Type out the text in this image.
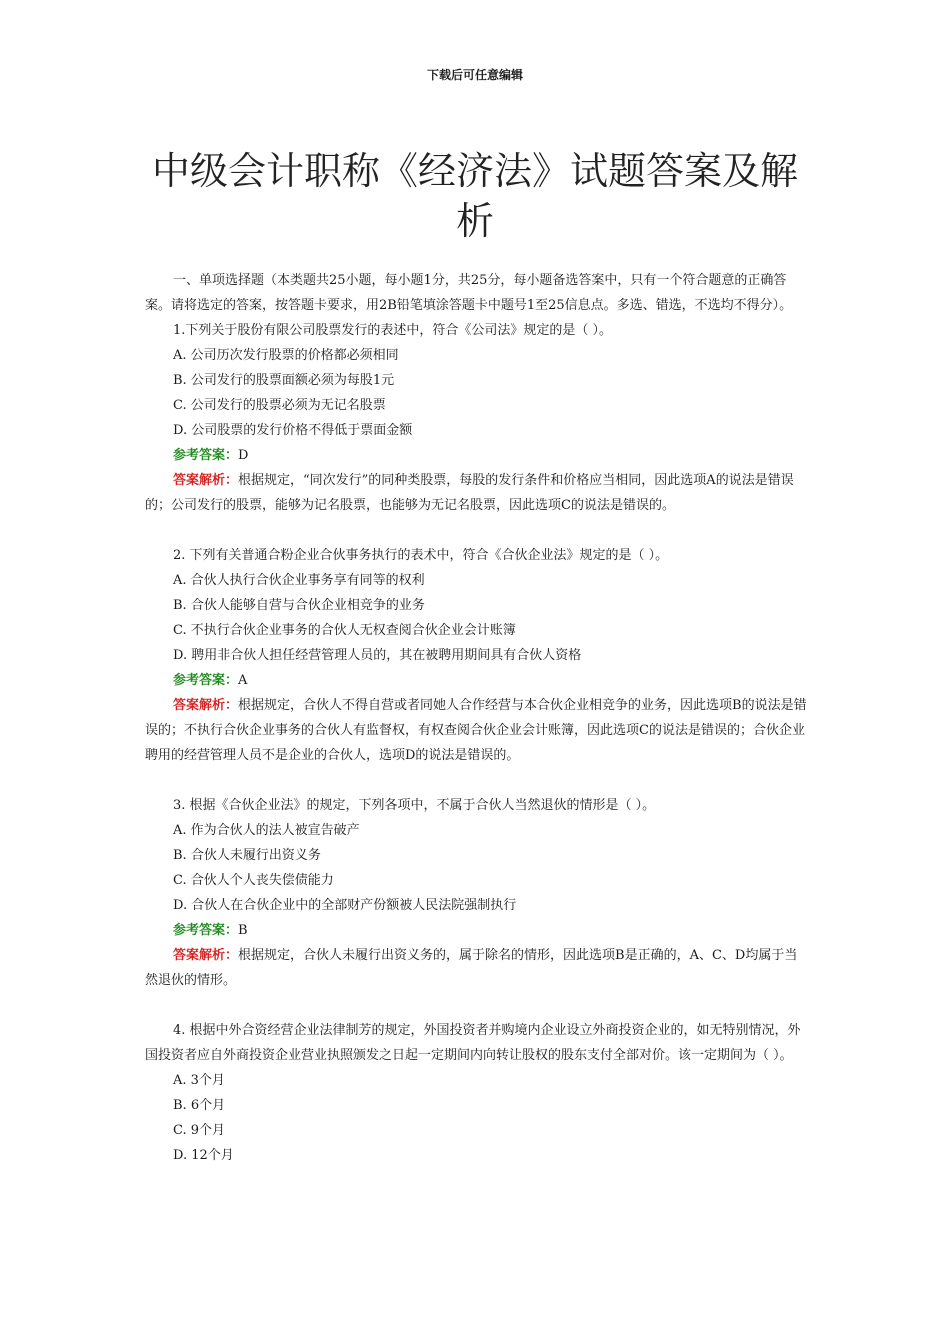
下载后可任意编辑
中级会计职称《经济法》试题答案及解析

一、单项选择题（本类题共25小题，每小题1分，共25分，每小题备选答案中，只有一个符合题意的正确答案。请将选定的答案，按答题卡要求，用2B铅笔填涂答题卡中题号1至25信息点。多选、错选，不选均不得分）。

1.下列关于股份有限公司股票发行的表述中，符合《公司法》规定的是（ ）。

A. 公司历次发行股票的价格都必须相同

B. 公司发行的股票面额必须为每股1元

C. 公司发行的股票必须为无记名股票

D. 公司股票的发行价格不得低于票面金额

参考答案：D

答案解析：根据规定，“同次发行”的同种类股票，每股的发行条件和价格应当相同，因此选项A的说法是错误的；公司发行的股票，能够为记名股票，也能够为无记名股票，因此选项C的说法是错误的。

2. 下列有关普通合粉企业合伙事务执行的表术中，符合《合伙企业法》规定的是（ ）。

A. 合伙人执行合伙企业事务享有同等的权利

B. 合伙人能够自营与合伙企业相竞争的业务

C. 不执行合伙企业事务的合伙人无权查阅合伙企业会计账簿

D. 聘用非合伙人担任经营管理人员的，其在被聘用期间具有合伙人资格

参考答案：A

答案解析：根据规定，合伙人不得自营或者同她人合作经营与本合伙企业相竞争的业务，因此选项B的说法是错误的；不执行合伙企业事务的合伙人有监督权，有权查阅合伙企业会计账簿，因此选项C的说法是错误的；合伙企业聘用的经营管理人员不是企业的合伙人，选项D的说法是错误的。

3. 根据《合伙企业法》的规定，下列各项中，不属于合伙人当然退伙的情形是（ ）。

A. 作为合伙人的法人被宣告破产

B. 合伙人未履行出资义务

C. 合伙人个人丧失偿债能力

D. 合伙人在合伙企业中的全部财产份额被人民法院强制执行

参考答案：B

答案解析：根据规定，合伙人未履行出资义务的，属于除名的情形，因此选项B是正确的，A、C、D均属于当然退伙的情形。

4. 根据中外合资经营企业法律制芳的规定，外国投资者并购境内企业设立外商投资企业的，如无特别情况，外国投资者应自外商投资企业营业执照颁发之日起一定期间内向转让股权的股东支付全部对价。该一定期间为（ ）。

A. 3个月

B. 6个月

C. 9个月

D. 12个月
